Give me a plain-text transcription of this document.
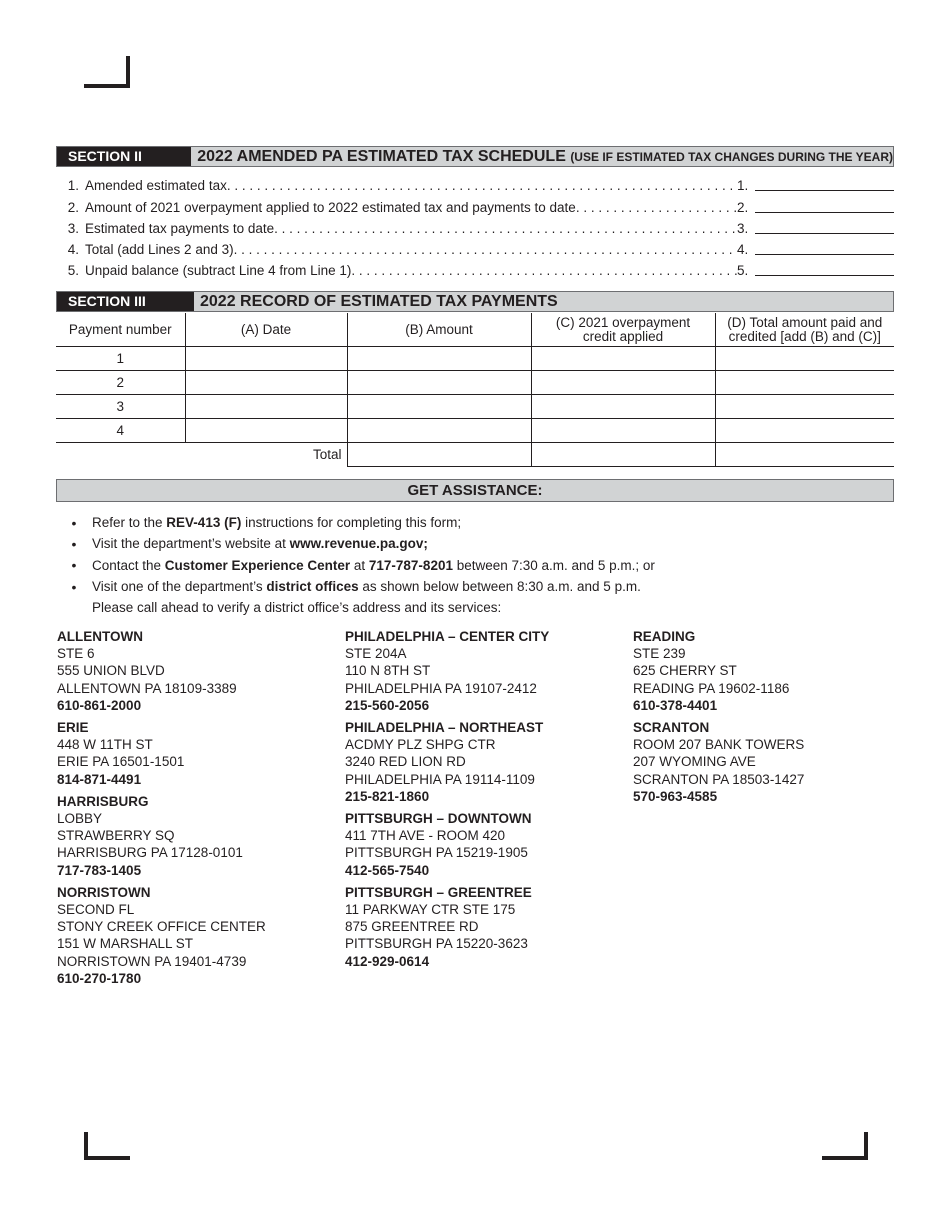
SECTION II	2022 AMENDED PA ESTIMATED TAX SCHEDULE (USE IF ESTIMATED TAX CHANGES DURING THE YEAR)
1. Amended estimated tax. . . .	1.
2. Amount of 2021 overpayment applied to 2022 estimated tax and payments to date. . . .	2.
3. Estimated tax payments to date. . . .	3.
4. Total (add Lines 2 and 3). . . .	4.
5. Unpaid balance (subtract Line 4 from Line 1). . . .	5.
SECTION III	2022 RECORD OF ESTIMATED TAX PAYMENTS
Payment number	(A) Date	(B) Amount	(C) 2021 overpayment credit applied	(D) Total amount paid and credited [add (B) and (C)]
1				
2				
3				
4				
	Total			
GET ASSISTANCE:
•	Refer to the REV-413 (F) instructions for completing this form;
•	Visit the department’s website at www.revenue.pa.gov;
•	Contact the Customer Experience Center at 717-787-8201 between 7:30 a.m. and 5 p.m.; or
•	Visit one of the department’s district offices as shown below between 8:30 a.m. and 5 p.m.
Please call ahead to verify a district office’s address and its services:
ALLENTOWN
STE 6
555 UNION BLVD
ALLENTOWN PA 18109-3389
610-861-2000
ERIE
448 W 11TH ST
ERIE PA 16501-1501
814-871-4491
HARRISBURG
LOBBY
STRAWBERRY SQ
HARRISBURG PA 17128-0101
717-783-1405
NORRISTOWN
SECOND FL
STONY CREEK OFFICE CENTER
151 W MARSHALL ST
NORRISTOWN PA 19401-4739
610-270-1780
PHILADELPHIA – CENTER CITY
STE 204A
110 N 8TH ST
PHILADELPHIA PA 19107-2412
215-560-2056
PHILADELPHIA – NORTHEAST
ACDMY PLZ SHPG CTR
3240 RED LION RD
PHILADELPHIA PA 19114-1109
215-821-1860
PITTSBURGH – DOWNTOWN
411 7TH AVE - ROOM 420
PITTSBURGH PA 15219-1905
412-565-7540
PITTSBURGH – GREENTREE
11 PARKWAY CTR STE 175
875 GREENTREE RD
PITTSBURGH PA 15220-3623
412-929-0614
READING
STE 239
625 CHERRY ST
READING PA 19602-1186
610-378-4401
SCRANTON
ROOM 207 BANK TOWERS
207 WYOMING AVE
SCRANTON PA 18503-1427
570-963-4585
